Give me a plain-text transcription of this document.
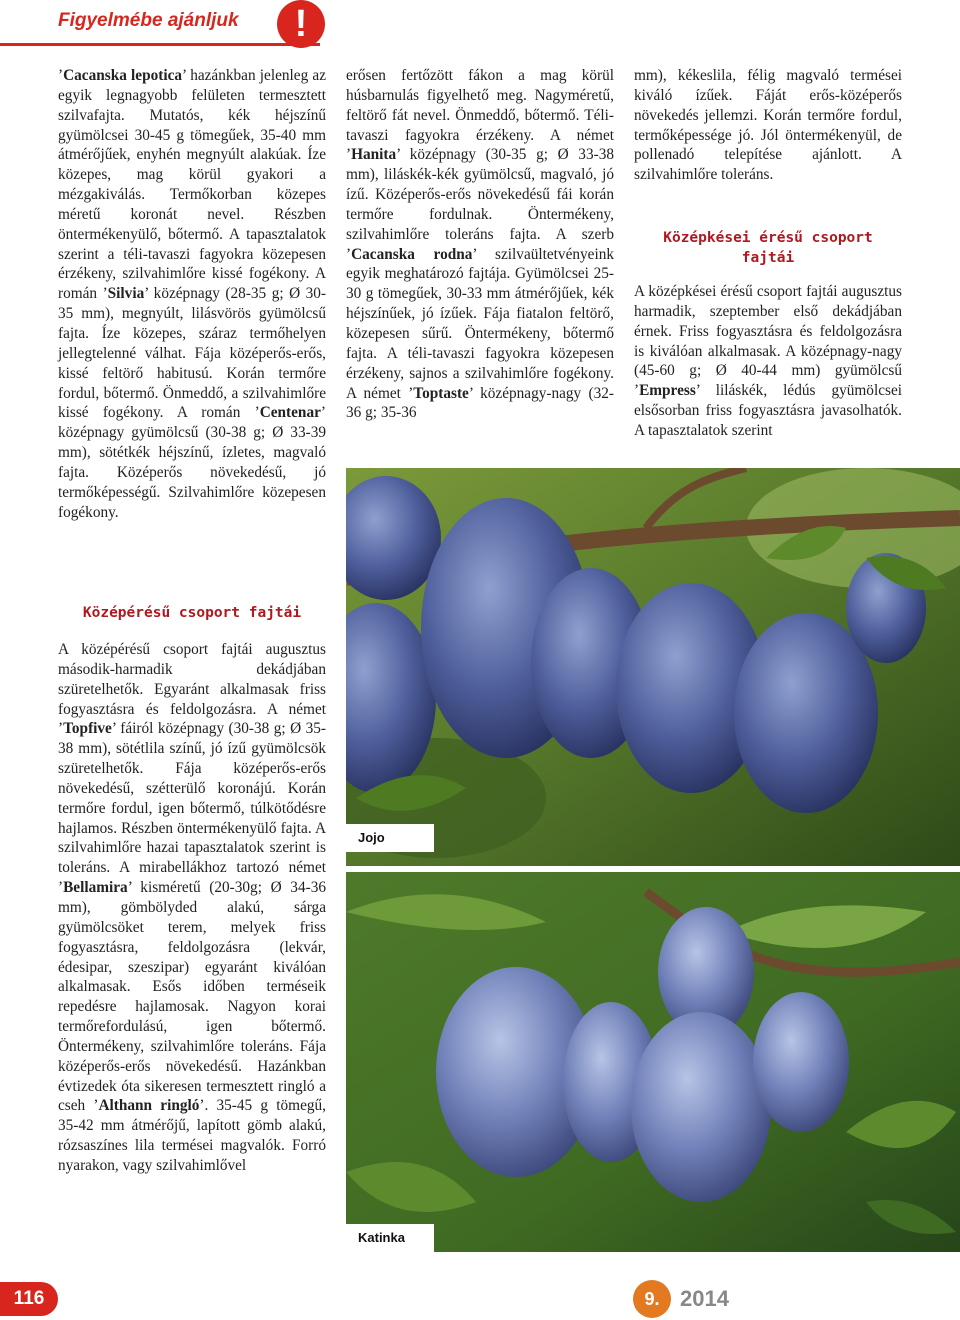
Figyelmébe ajánljuk	!

’Cacanska lepotica’ hazánkban jelenleg az egyik legnagyobb felületen termesztett szilvafajta. Mutatós, kék héjszínű gyümölcsei 30-45 g tömegűek, 35-40 mm átmérőjűek, enyhén megnyúlt alakúak. Íze közepes, mag körül gyakori a mézgakiválás. Termőkorban közepes méretű koronát nevel. Részben öntermékenyülő, bőtermő. A tapasztalatok szerint a téli-tavaszi fagyokra közepesen érzékeny, szilvahimlőre kissé fogékony. A román ’Silvia’ középnagy (28-35 g; Ø 30-35 mm), megnyúlt, lilásvörös gyümölcsű fajta. Íze közepes, száraz termőhelyen jellegtelenné válhat. Fája középerős-erős, kissé feltörő habitusú. Korán termőre fordul, bőtermő. Önmeddő, a szilvahimlőre kissé fogékony. A román ’Centenar’ középnagy gyümölcsű (30-38 g; Ø 33-39 mm), sötétkék héjszínű, ízletes, magvaló fajta. Középerős növekedésű, jó termőképességű. Szilvahimlőre közepesen fogékony.

Középérésű csoport fajtái

A középérésű csoport fajtái augusztus második-harmadik dekádjában szüretelhetők. Egyaránt alkalmasak friss fogyasztásra és feldolgozásra. A német ’Topfive’ fáiról középnagy (30-38 g; Ø 35-38 mm), sötétlila színű, jó ízű gyümölcsök szüretelhetők. Fája középerős-erős növekedésű, szétterülő koronájú. Korán termőre fordul, igen bőtermő, túlkötődésre hajlamos. Részben öntermékenyülő fajta. A szilvahimlőre hazai tapasztalatok szerint is toleráns. A mirabellákhoz tartozó német ’Bellamira’ kisméretű (20-30g; Ø 34-36 mm), gömbölyded alakú, sárga gyümölcsöket terem, melyek friss fogyasztásra, feldolgozásra (lekvár, édesipar, szeszipar) egyaránt kiválóan alkalmasak. Esős időben terméseik repedésre hajlamosak. Nagyon korai termőrefordulású, igen bőtermő. Öntermékeny, szilvahimlőre toleráns. Fája középerős-erős növekedésű. Hazánkban évtizedek óta sikeresen termesztett ringló a cseh ’Althann ringló’. 35-45 g tömegű, 35-42 mm átmérőjű, lapított gömb alakú, rózsaszínes lila termései magvalók. Forró nyarakon, vagy szilvahimlővel

erősen fertőzött fákon a mag körül húsbarnulás figyelhető meg. Nagyméretű, feltörő fát nevel. Önmeddő, bőtermő. Téli-tavaszi fagyokra érzékeny. A német ’Hanita’ középnagy (30-35 g; Ø 33-38 mm), liláskék-kék gyümölcsű, magvaló, jó ízű. Középerős-erős növekedésű fái korán termőre fordulnak. Öntermékeny, szilvahimlőre toleráns fajta. A szerb ’Cacanska rodna’ szilvaültetvényeink egyik meghatározó fajtája. Gyümölcsei 25-30 g tömegűek, 30-33 mm átmérőjűek, kék héjszínűek, jó ízűek. Fája fiatalon feltörő, közepesen sűrű. Öntermékeny, bőtermő fajta. A téli-tavaszi fagyokra közepesen érzékeny, sajnos a szilvahimlőre fogékony. A német ’Toptaste’ középnagy-nagy (32-36 g; 35-36

mm), kékeslila, félig magvaló termései kiváló ízűek. Fáját erős-középerős növekedés jellemzi. Korán termőre fordul, termőképessége jó. Jól öntermékenyül, de pollenadó telepítése ajánlott. A szilvahimlőre toleráns.

Középkései érésű csoport fajtái

A középkései érésű csoport fajtái augusztus harmadik, szeptember első dekádjában érnek. Friss fogyasztásra és feldolgozásra is kiválóan alkalmasak. A középnagy-nagy (45-60 g; Ø 40-44 mm) gyümölcsű ’Empress’ liláskék, lédús gyümölcsei elsősorban friss fogyasztásra javasolhatók. A tapasztalatok szerint

Jojo
Katinka
116	9. 2014
